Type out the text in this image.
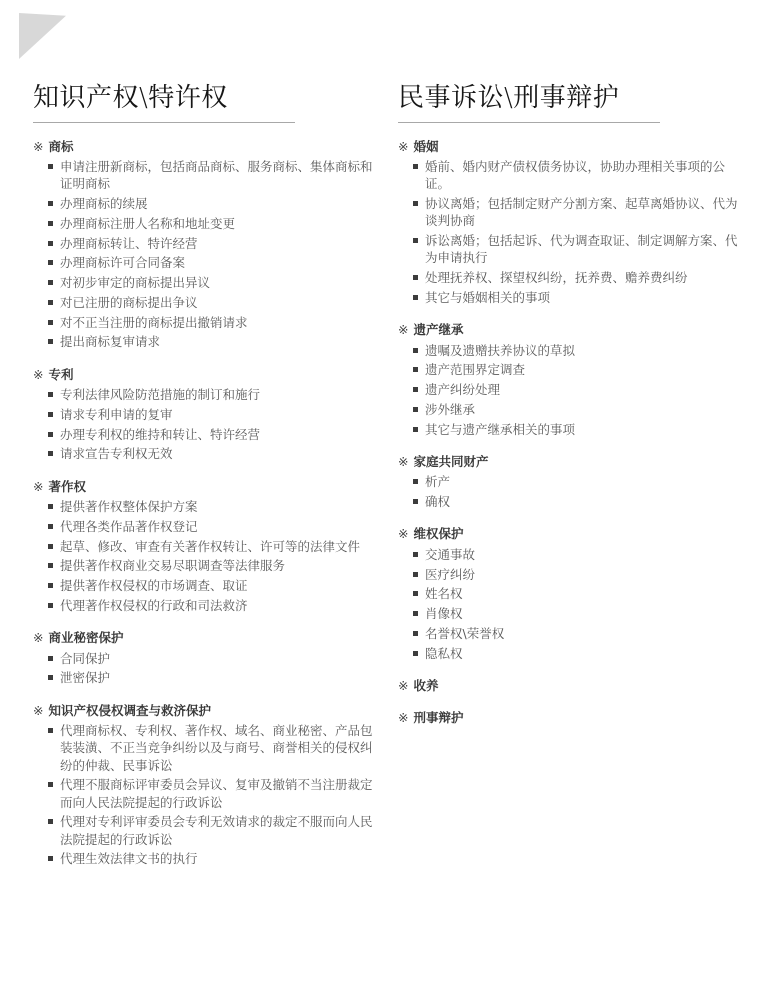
知识产权\特许权
※ 商标
申请注册新商标，包括商品商标、服务商标、集体商标和证明商标
办理商标的续展
办理商标注册人名称和地址变更
办理商标转让、特许经营
办理商标许可合同备案
对初步审定的商标提出异议
对已注册的商标提出争议
对不正当注册的商标提出撤销请求
提出商标复审请求
※ 专利
专利法律风险防范措施的制订和施行
请求专利申请的复审
办理专利权的维持和转让、特许经营
请求宣告专利权无效
※ 著作权
提供著作权整体保护方案
代理各类作品著作权登记
起草、修改、审查有关著作权转让、许可等的法律文件
提供著作权商业交易尽职调查等法律服务
提供著作权侵权的市场调查、取证
代理著作权侵权的行政和司法救济
※ 商业秘密保护
合同保护
泄密保护
※ 知识产权侵权调查与救济保护
代理商标权、专利权、著作权、域名、商业秘密、产品包装装潢、不正当竞争纠纷以及与商号、商誉相关的侵权纠纷的仲裁、民事诉讼
代理不服商标评审委员会异议、复审及撤销不当注册裁定而向人民法院提起的行政诉讼
代理对专利评审委员会专利无效请求的裁定不服而向人民法院提起的行政诉讼
代理生效法律文书的执行
民事诉讼\刑事辩护
※ 婚姻
婚前、婚内财产债权债务协议，协助办理相关事项的公证。
协议离婚；包括制定财产分割方案、起草离婚协议、代为谈判协商
诉讼离婚；包括起诉、代为调查取证、制定调解方案、代为申请执行
处理抚养权、探望权纠纷，抚养费、赡养费纠纷
其它与婚姻相关的事项
※ 遗产继承
遗嘱及遗赠扶养协议的草拟
遗产范围界定调查
遗产纠纷处理
涉外继承
其它与遗产继承相关的事项
※ 家庭共同财产
析产
确权
※ 维权保护
交通事故
医疗纠纷
姓名权
肖像权
名誉权\荣誉权
隐私权
※ 收养
※ 刑事辩护
